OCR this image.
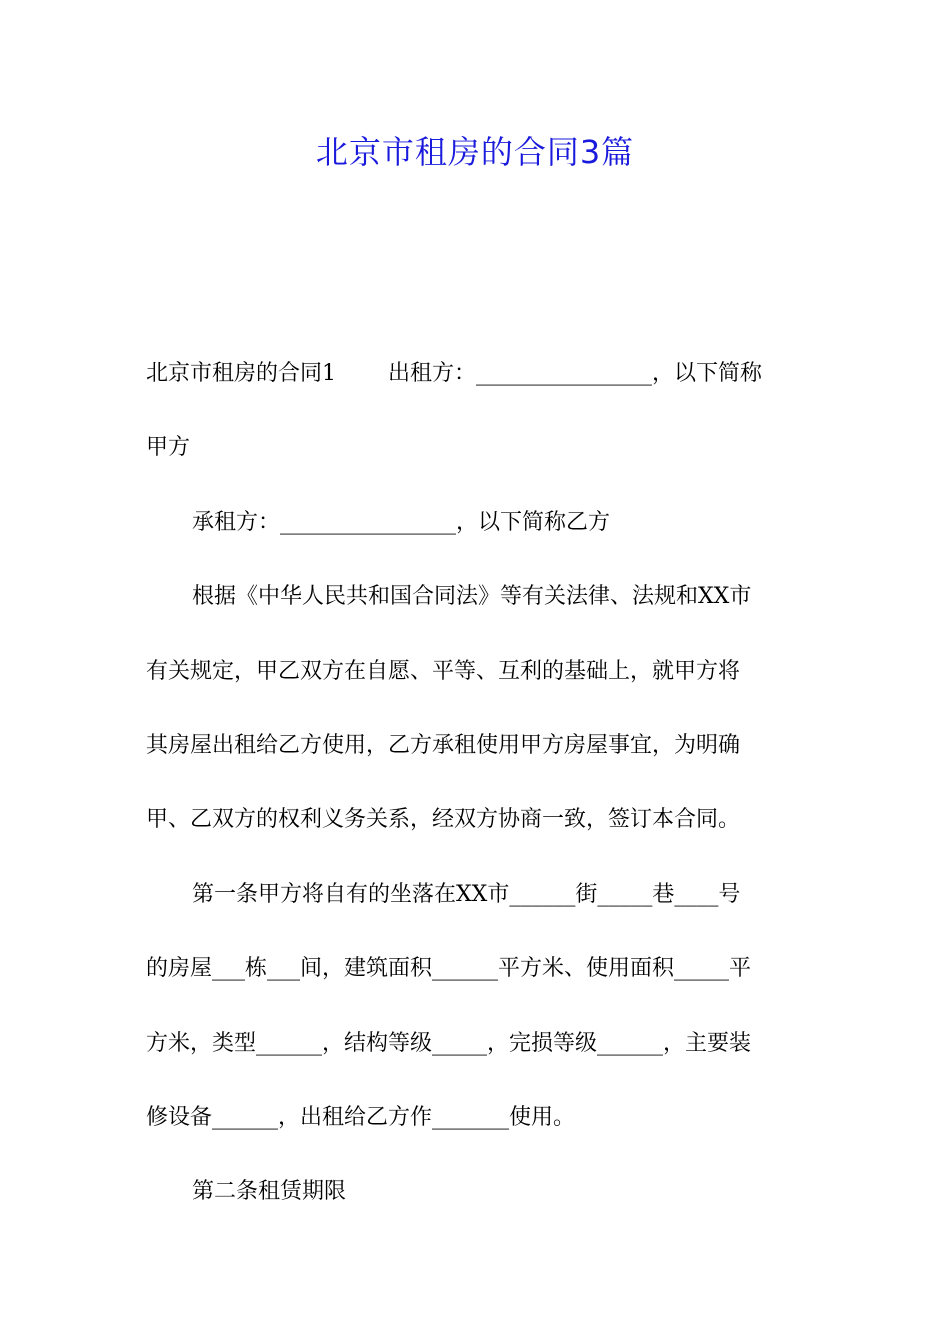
北京市租房的合同3篇

北京市租房的合同1 出租方：________________，以下简称

甲方

承租方：________________，以下简称乙方

根据《中华人民共和国合同法》等有关法律、法规和XX市

有关规定，甲乙双方在自愿、平等、互利的基础上，就甲方将

其房屋出租给乙方使用，乙方承租使用甲方房屋事宜，为明确

甲、乙双方的权利义务关系，经双方协商一致，签订本合同。

第一条甲方将自有的坐落在XX市______街_____巷____号

的房屋___栋___间，建筑面积______平方米、使用面积_____平

方米，类型______，结构等级_____，完损等级______，主要装

修设备______，出租给乙方作_______使用。

第二条租赁期限
